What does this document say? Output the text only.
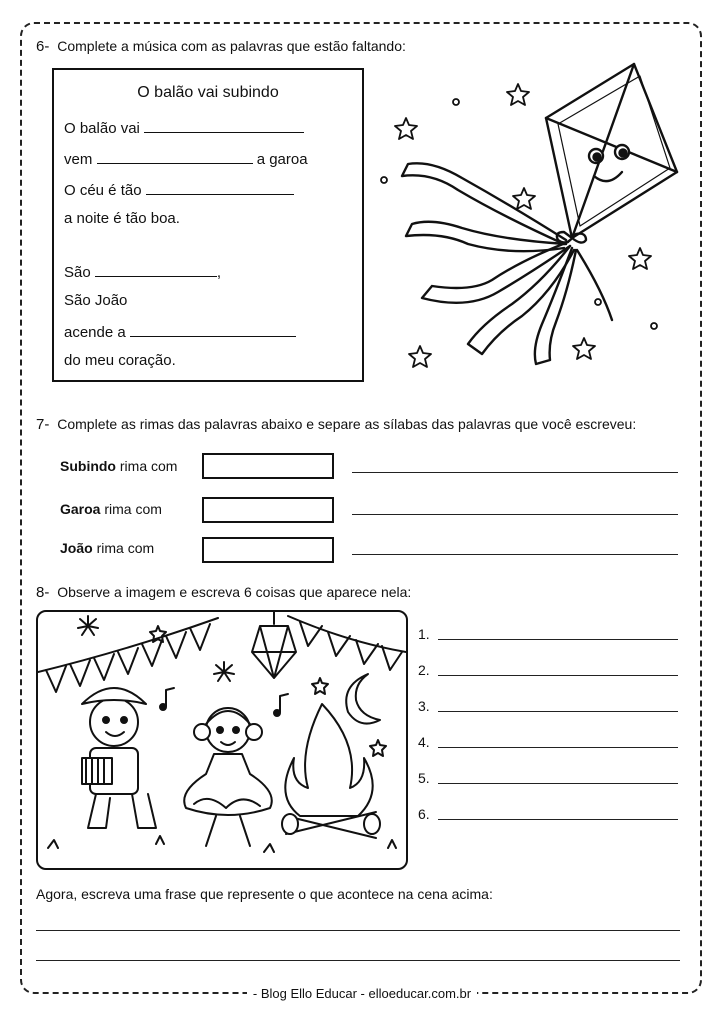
6- Complete a música com as palavras que estão faltando:
O balão vai subindo
O balão vai
vem	a garoa
O céu é tão
a noite é tão boa.
São	,
São João
acende a
do meu coração.
7- Complete as rimas das palavras abaixo e separe as sílabas das palavras que você escreveu:
Subindo rima com
Garoa rima com
João rima com
8- Observe a imagem e escreva 6 coisas que aparece nela:
1.
2.
3.
4.
5.
6.
Agora, escreva uma frase que represente o que acontece na cena acima:
- Blog Ello Educar - elloeducar.com.br
